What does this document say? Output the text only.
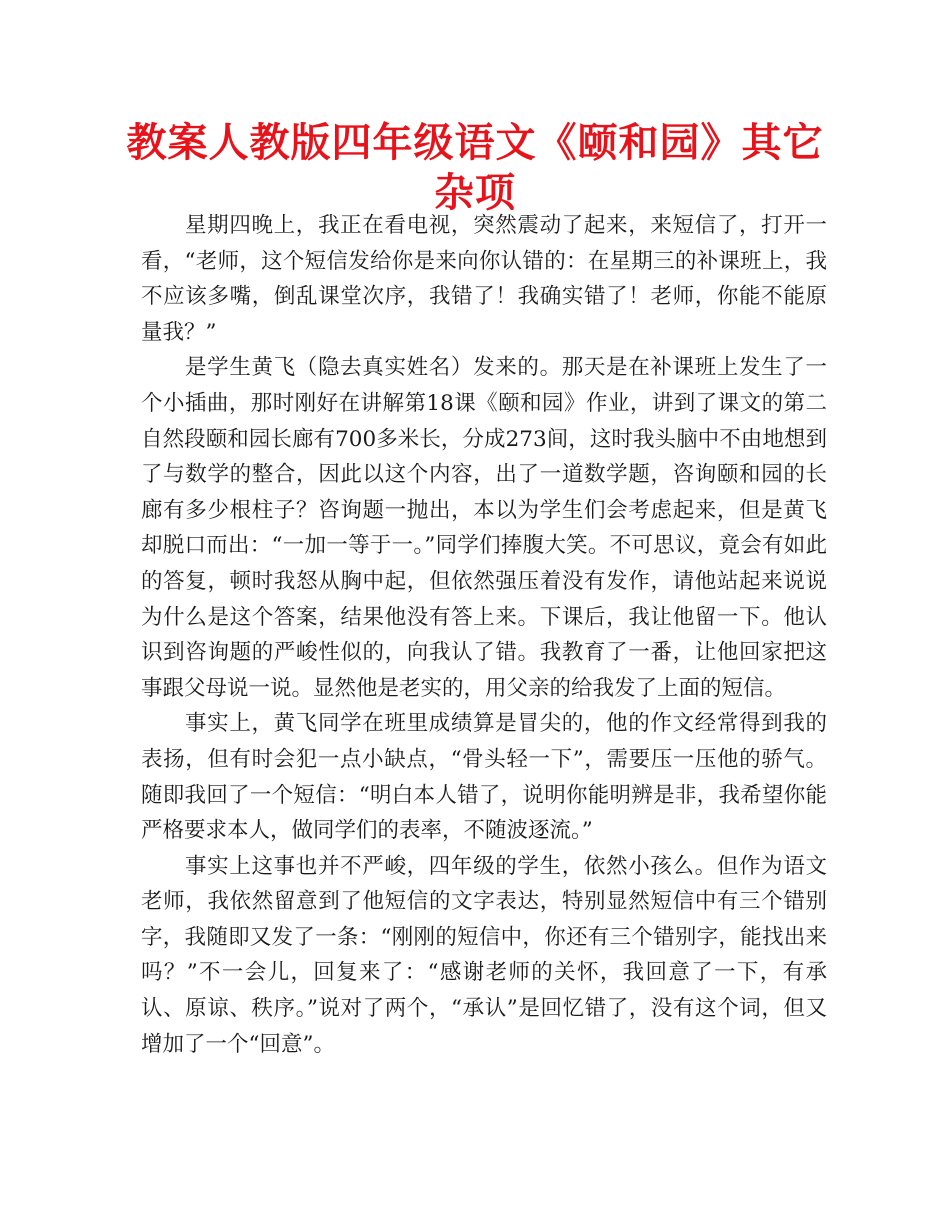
教案人教版四年级语文《颐和园》其它杂项

星期四晚上，我正在看电视，突然震动了起来，来短信了，打开一看，“老师，这个短信发给你是来向你认错的：在星期三的补课班上，我不应该多嘴，倒乱课堂次序，我错了！我确实错了！老师，你能不能原量我？”

是学生黄飞（隐去真实姓名）发来的。那天是在补课班上发生了一个小插曲，那时刚好在讲解第18课《颐和园》作业，讲到了课文的第二自然段颐和园长廊有700多米长，分成273间，这时我头脑中不由地想到了与数学的整合，因此以这个内容，出了一道数学题，咨询颐和园的长廊有多少根柱子？咨询题一抛出，本以为学生们会考虑起来，但是黄飞却脱口而出：“一加一等于一。”同学们捧腹大笑。不可思议，竟会有如此的答复，顿时我怒从胸中起，但依然强压着没有发作，请他站起来说说为什么是这个答案，结果他没有答上来。下课后，我让他留一下。他认识到咨询题的严峻性似的，向我认了错。我教育了一番，让他回家把这事跟父母说一说。显然他是老实的，用父亲的给我发了上面的短信。

事实上，黄飞同学在班里成绩算是冒尖的，他的作文经常得到我的表扬，但有时会犯一点小缺点，“骨头轻一下”，需要压一压他的骄气。随即我回了一个短信：“明白本人错了，说明你能明辨是非，我希望你能严格要求本人，做同学们的表率，不随波逐流。”

事实上这事也并不严峻，四年级的学生，依然小孩么。但作为语文老师，我依然留意到了他短信的文字表达，特别显然短信中有三个错别字，我随即又发了一条：“刚刚的短信中，你还有三个错别字，能找出来吗？”不一会儿，回复来了：“感谢老师的关怀，我回意了一下，有承认、原谅、秩序。”说对了两个，“承认”是回忆错了，没有这个词，但又增加了一个“回意”。
